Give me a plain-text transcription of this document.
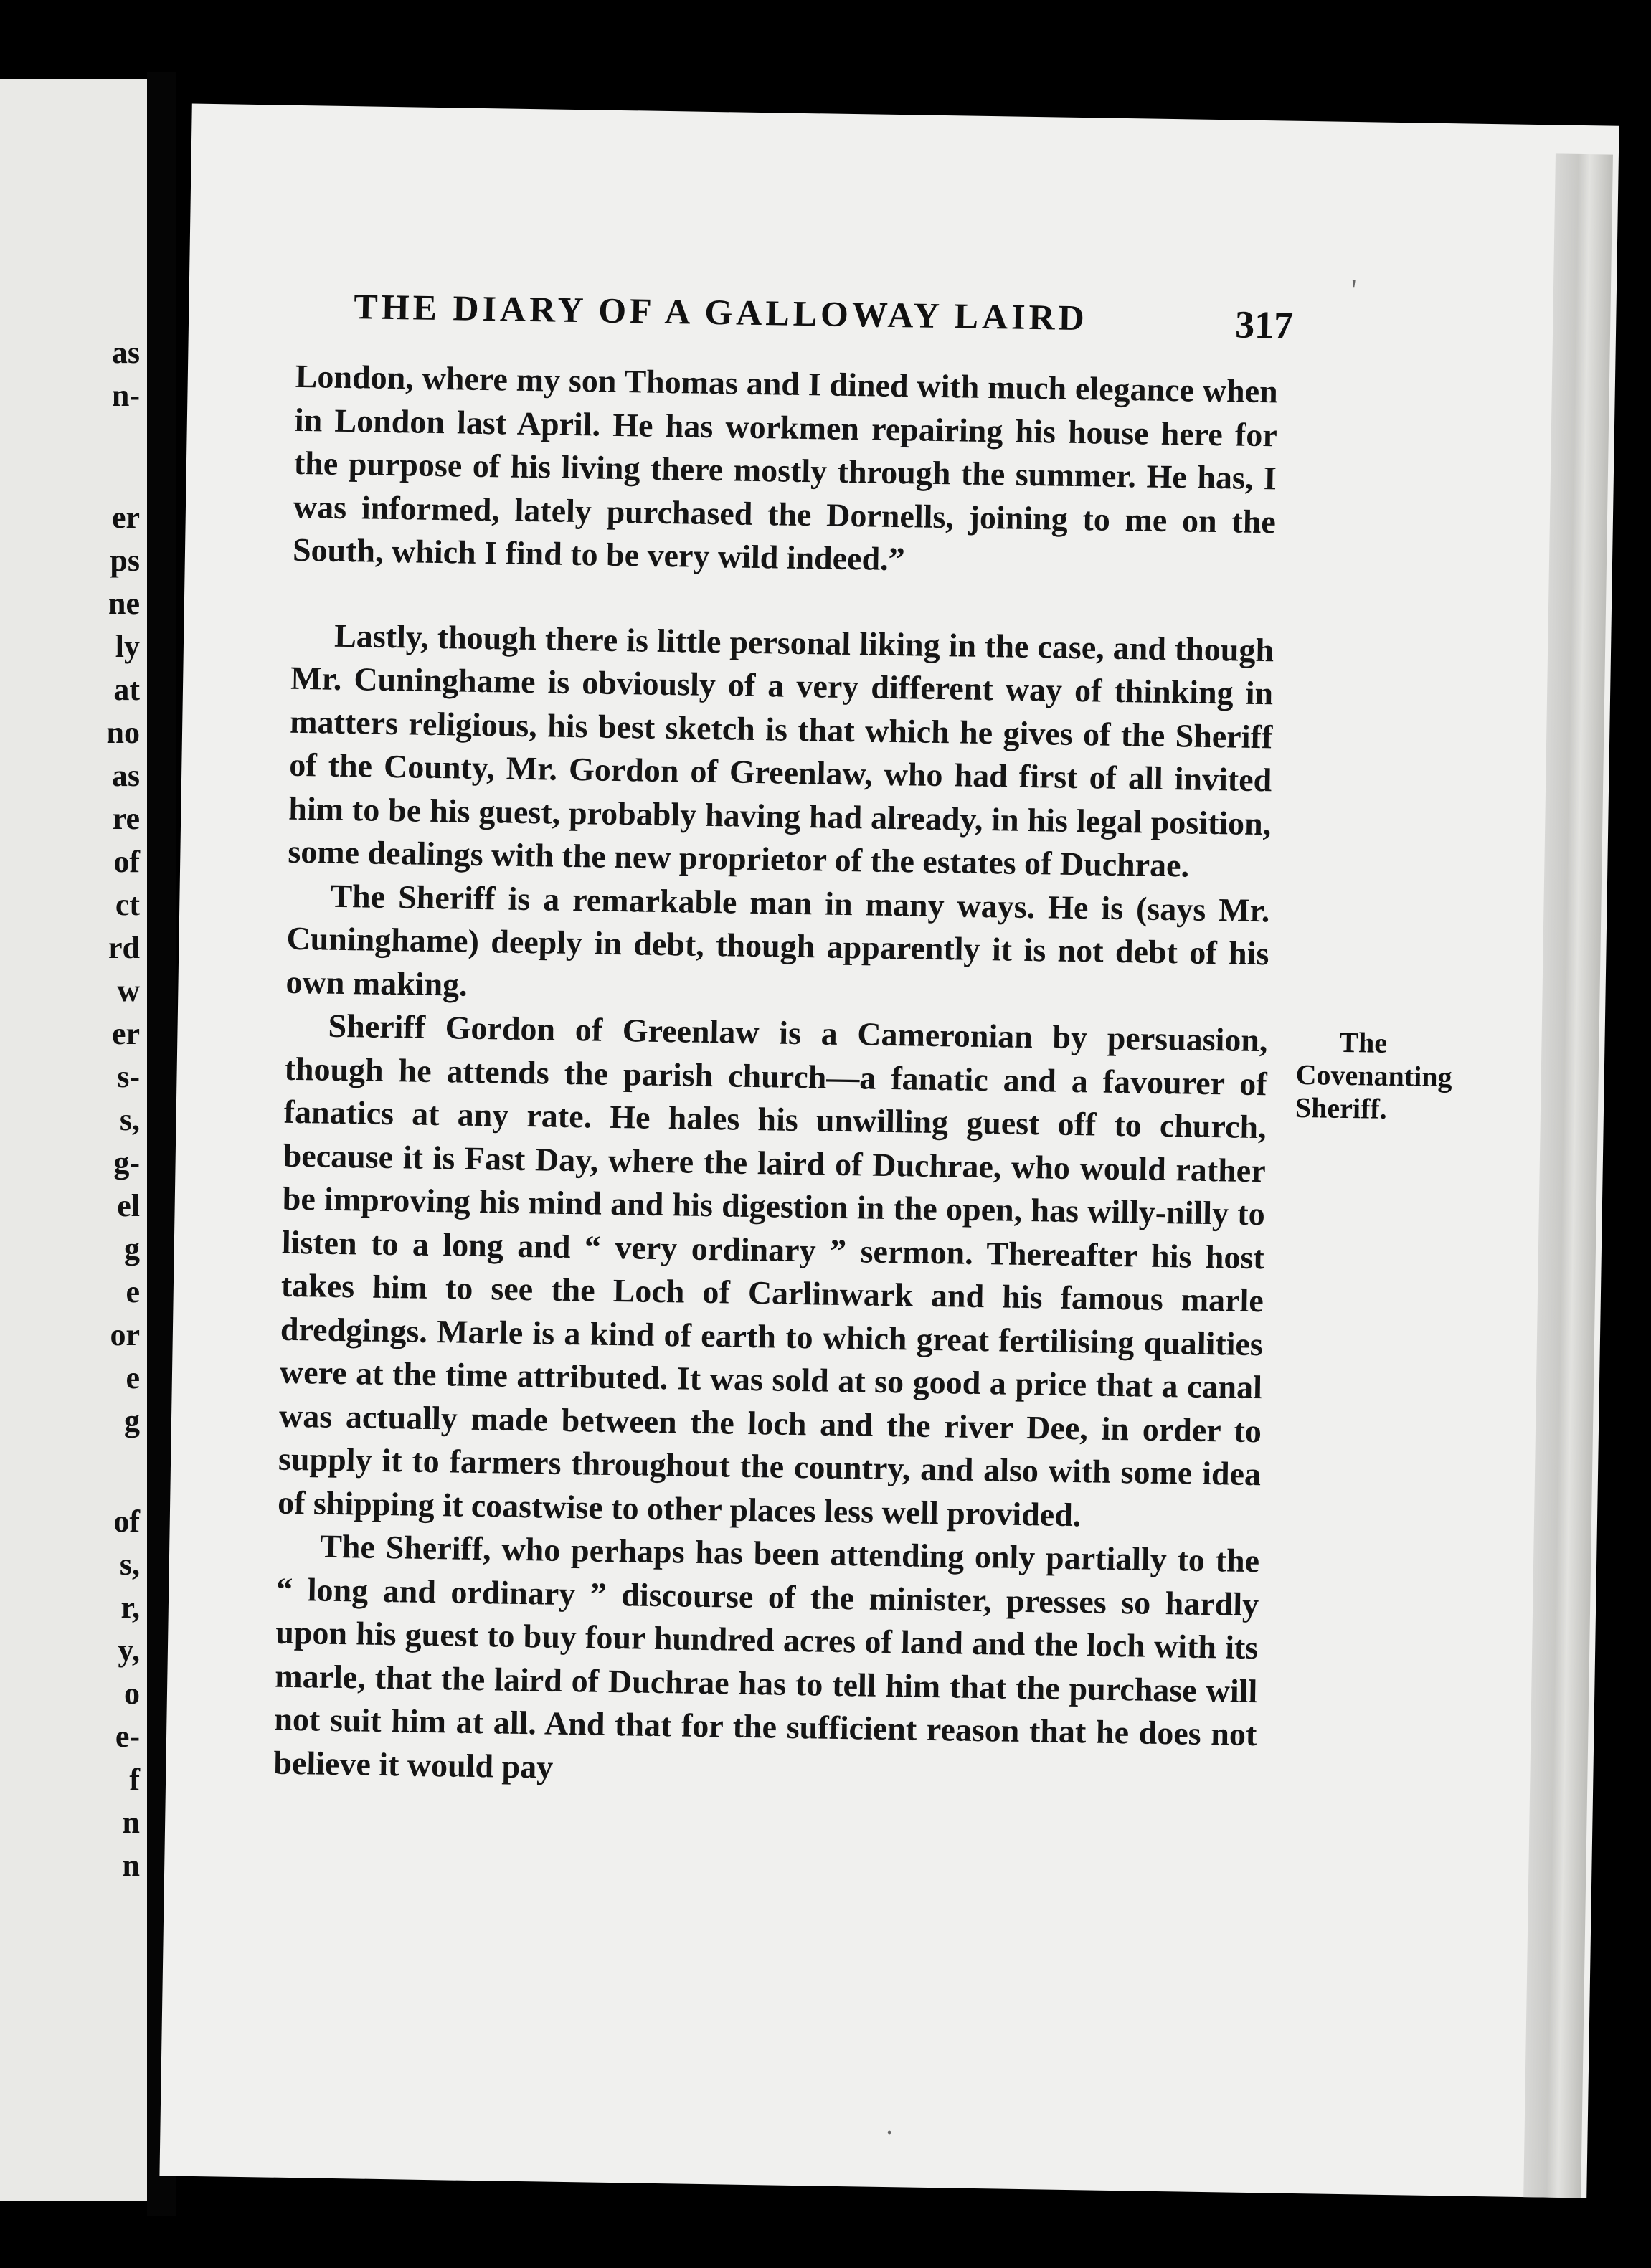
as
n-
er
ps
ne
ly
at
no
as
re
of
ct
rd
w
er
s-
s,
g-
el
g
e
or
e
g
of
s,
r,
y,
o
e-
f
n
n
'
·
THE DIARY OF A GALLOWAY LAIRD	317

London, where my son Thomas and I dined with much elegance when in London last April. He has workmen repairing his house here for the purpose of his living there mostly through the summer. He has, I was informed, lately purchased the Dornells, joining to me on the South, which I find to be very wild indeed.”

Lastly, though there is little personal liking in the case, and though Mr. Cuninghame is obviously of a very different way of thinking in matters religious, his best sketch is that which he gives of the Sheriff of the County, Mr. Gordon of Greenlaw, who had first of all invited him to be his guest, probably having had already, in his legal position, some dealings with the new proprietor of the estates of Duchrae.

The Sheriff is a remarkable man in many ways. He is (says Mr. Cuninghame) deeply in debt, though apparently it is not debt of his own making.

The Covenanting Sheriff.
Sheriff Gordon of Greenlaw is a Cameronian by persuasion, though he attends the parish church—a fanatic and a favourer of fanatics at any rate. He hales his unwilling guest off to church, because it is Fast Day, where the laird of Duchrae, who would rather be improving his mind and his digestion in the open, has willy-nilly to listen to a long and “ very ordinary ” sermon. Thereafter his host takes him to see the Loch of Carlinwark and his famous marle dredgings. Marle is a kind of earth to which great fertilising qualities were at the time attributed. It was sold at so good a price that a canal was actually made between the loch and the river Dee, in order to supply it to farmers throughout the country, and also with some idea of shipping it coastwise to other places less well provided.

The Sheriff, who perhaps has been attending only partially to the “ long and ordinary ” discourse of the minister, presses so hardly upon his guest to buy four hundred acres of land and the loch with its marle, that the laird of Duchrae has to tell him that the purchase will not suit him at all. And that for the sufficient reason that he does not believe it would pay
